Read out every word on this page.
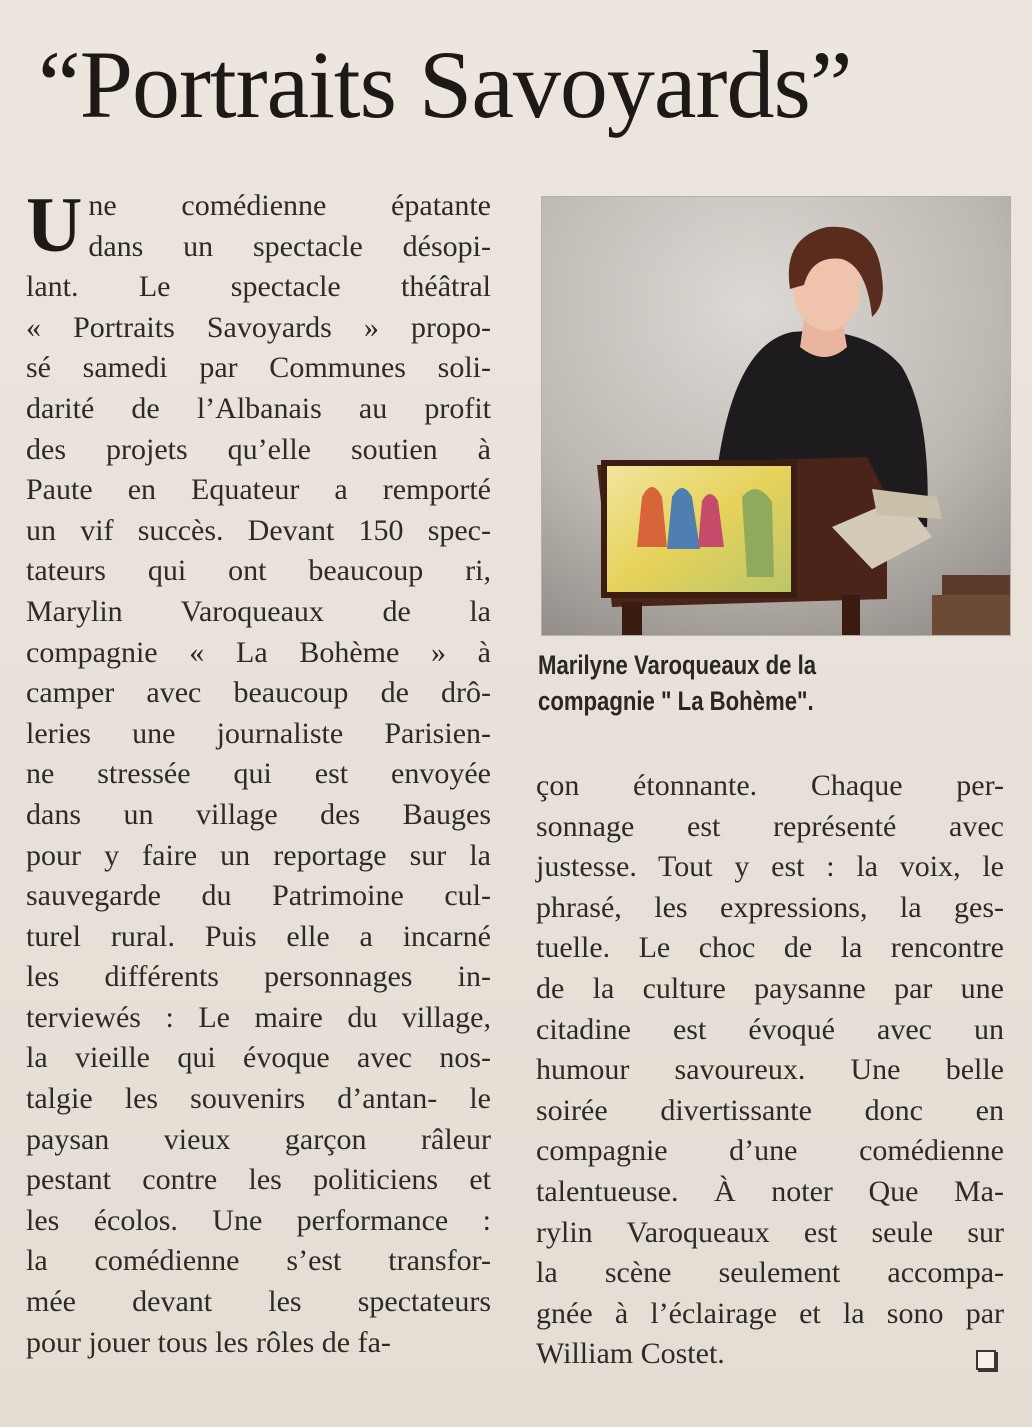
“Portraits Savoyards”
U ne comédienne épatante
dans un spectacle désopi-
lant. Le spectacle théâtral
« Portraits Savoyards » propo-
sé samedi par Communes soli-
darité de l’Albanais au profit
des projets qu’elle soutien à
Paute en Equateur a remporté
un vif succès. Devant 150 spec-
tateurs qui ont beaucoup ri,
Marylin Varoqueaux de la
compagnie « La Bohème » à
camper avec beaucoup de drô-
leries une journaliste Parisien-
ne stressée qui est envoyée
dans un village des Bauges
pour y faire un reportage sur la
sauvegarde du Patrimoine cul-
turel rural. Puis elle a incarné
les différents personnages in-
terviewés : Le maire du village,
la vieille qui évoque avec nos-
talgie les souvenirs d’antan- le
paysan vieux garçon râleur
pestant contre les politiciens et
les écolos. Une performance :
la comédienne s’est transfor-
mée devant les spectateurs
pour jouer tous les rôles de fa-
Marilyne Varoqueaux de la
compagnie " La Bohème".
çon étonnante. Chaque per-
sonnage est représenté avec
justesse. Tout y est : la voix, le
phrasé, les expressions, la ges-
tuelle. Le choc de la rencontre
de la culture paysanne par une
citadine est évoqué avec un
humour savoureux. Une belle
soirée divertissante donc en
compagnie d’une comédienne
talentueuse. À noter Que Ma-
rylin Varoqueaux est seule sur
la scène seulement accompa-
gnée à l’éclairage et la sono par
William Costet.
